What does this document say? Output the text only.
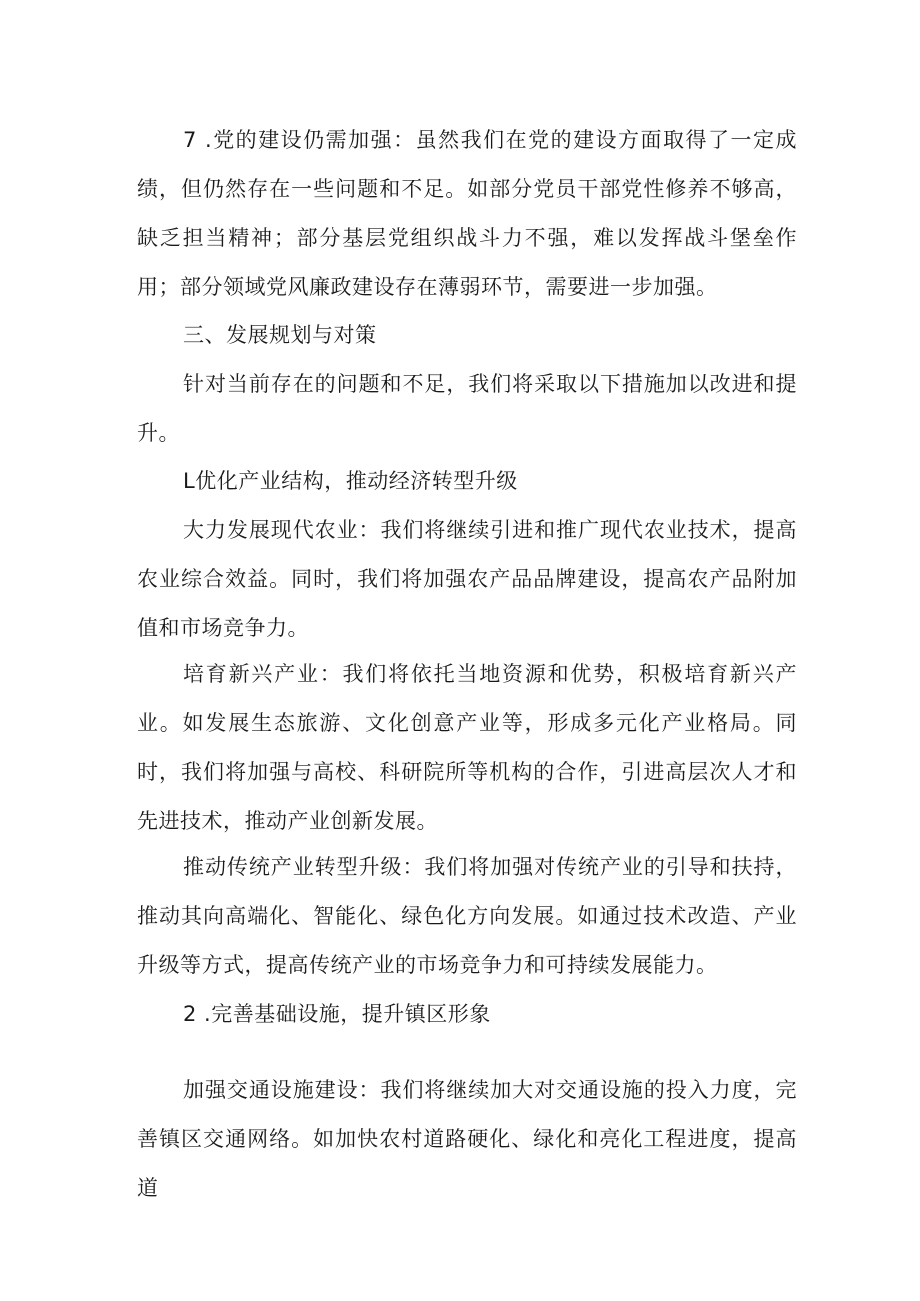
7 .党的建设仍需加强：虽然我们在党的建设方面取得了一定成绩，但仍然存在一些问题和不足。如部分党员干部党性修养不够高，缺乏担当精神；部分基层党组织战斗力不强，难以发挥战斗堡垒作用；部分领域党风廉政建设存在薄弱环节，需要进一步加强。

三、发展规划与对策

针对当前存在的问题和不足，我们将采取以下措施加以改进和提升。

L优化产业结构，推动经济转型升级

大力发展现代农业：我们将继续引进和推广现代农业技术，提高农业综合效益。同时，我们将加强农产品品牌建设，提高农产品附加值和市场竞争力。

培育新兴产业：我们将依托当地资源和优势，积极培育新兴产业。如发展生态旅游、文化创意产业等，形成多元化产业格局。同时，我们将加强与高校、科研院所等机构的合作，引进高层次人才和先进技术，推动产业创新发展。

推动传统产业转型升级：我们将加强对传统产业的引导和扶持，推动其向高端化、智能化、绿色化方向发展。如通过技术改造、产业升级等方式，提高传统产业的市场竞争力和可持续发展能力。

2 .完善基础设施，提升镇区形象

加强交通设施建设：我们将继续加大对交通设施的投入力度，完善镇区交通网络。如加快农村道路硬化、绿化和亮化工程进度，提高道
